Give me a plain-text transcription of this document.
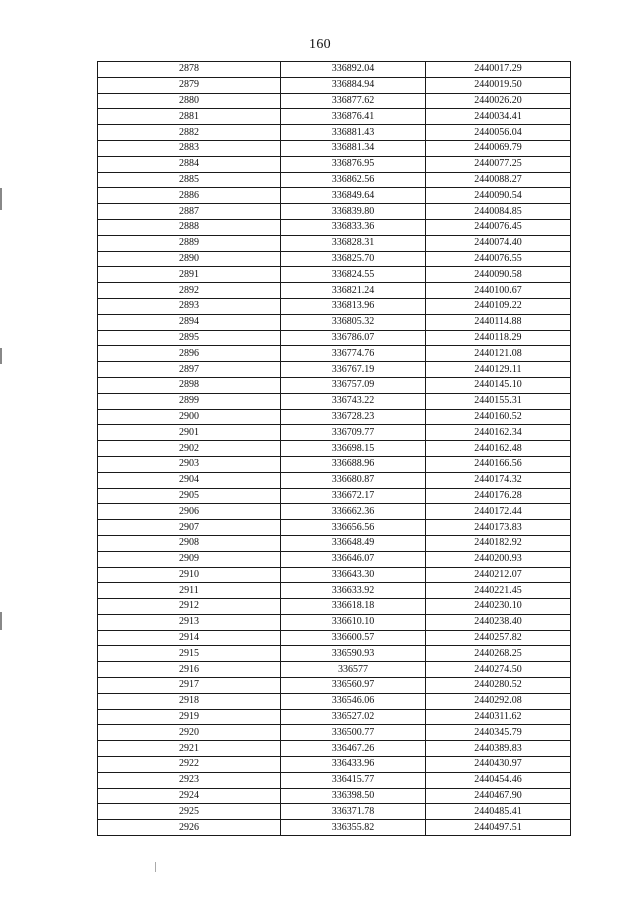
160
2878	336892.04	2440017.29
2879	336884.94	2440019.50
2880	336877.62	2440026.20
2881	336876.41	2440034.41
2882	336881.43	2440056.04
2883	336881.34	2440069.79
2884	336876.95	2440077.25
2885	336862.56	2440088.27
2886	336849.64	2440090.54
2887	336839.80	2440084.85
2888	336833.36	2440076.45
2889	336828.31	2440074.40
2890	336825.70	2440076.55
2891	336824.55	2440090.58
2892	336821.24	2440100.67
2893	336813.96	2440109.22
2894	336805.32	2440114.88
2895	336786.07	2440118.29
2896	336774.76	2440121.08
2897	336767.19	2440129.11
2898	336757.09	2440145.10
2899	336743.22	2440155.31
2900	336728.23	2440160.52
2901	336709.77	2440162.34
2902	336698.15	2440162.48
2903	336688.96	2440166.56
2904	336680.87	2440174.32
2905	336672.17	2440176.28
2906	336662.36	2440172.44
2907	336656.56	2440173.83
2908	336648.49	2440182.92
2909	336646.07	2440200.93
2910	336643.30	2440212.07
2911	336633.92	2440221.45
2912	336618.18	2440230.10
2913	336610.10	2440238.40
2914	336600.57	2440257.82
2915	336590.93	2440268.25
2916	336577	2440274.50
2917	336560.97	2440280.52
2918	336546.06	2440292.08
2919	336527.02	2440311.62
2920	336500.77	2440345.79
2921	336467.26	2440389.83
2922	336433.96	2440430.97
2923	336415.77	2440454.46
2924	336398.50	2440467.90
2925	336371.78	2440485.41
2926	336355.82	2440497.51
